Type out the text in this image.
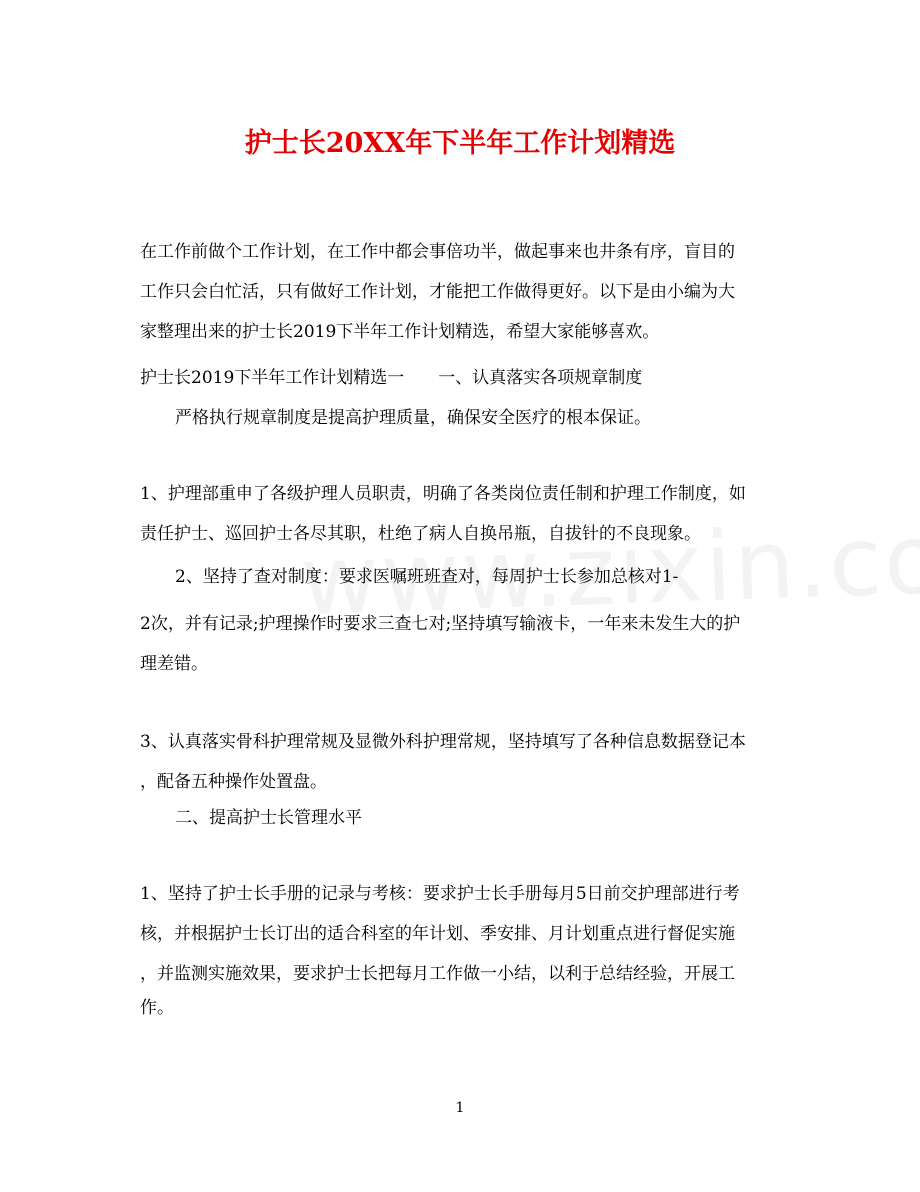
护士长20XX年下半年工作计划精选

在工作前做个工作计划，在工作中都会事倍功半，做起事来也井条有序，盲目的

工作只会白忙活，只有做好工作计划，才能把工作做得更好。以下是由小编为大

家整理出来的护士长2019下半年工作计划精选，希望大家能够喜欢。

护士长2019下半年工作计划精选一　　一、认真落实各项规章制度

严格执行规章制度是提高护理质量，确保安全医疗的根本保证。

1、护理部重申了各级护理人员职责，明确了各类岗位责任制和护理工作制度，如

责任护士、巡回护士各尽其职，杜绝了病人自换吊瓶，自拔针的不良现象。

2、坚持了查对制度：要求医嘱班班查对，每周护士长参加总核对1-

2次，并有记录;护理操作时要求三查七对;坚持填写输液卡，一年来未发生大的护

理差错。

3、认真落实骨科护理常规及显微外科护理常规，坚持填写了各种信息数据登记本

，配备五种操作处置盘。

二、提高护士长管理水平

1、坚持了护士长手册的记录与考核：要求护士长手册每月5日前交护理部进行考

核，并根据护士长订出的适合科室的年计划、季安排、月计划重点进行督促实施

，并监测实施效果，要求护士长把每月工作做一小结，以利于总结经验，开展工

作。

1
